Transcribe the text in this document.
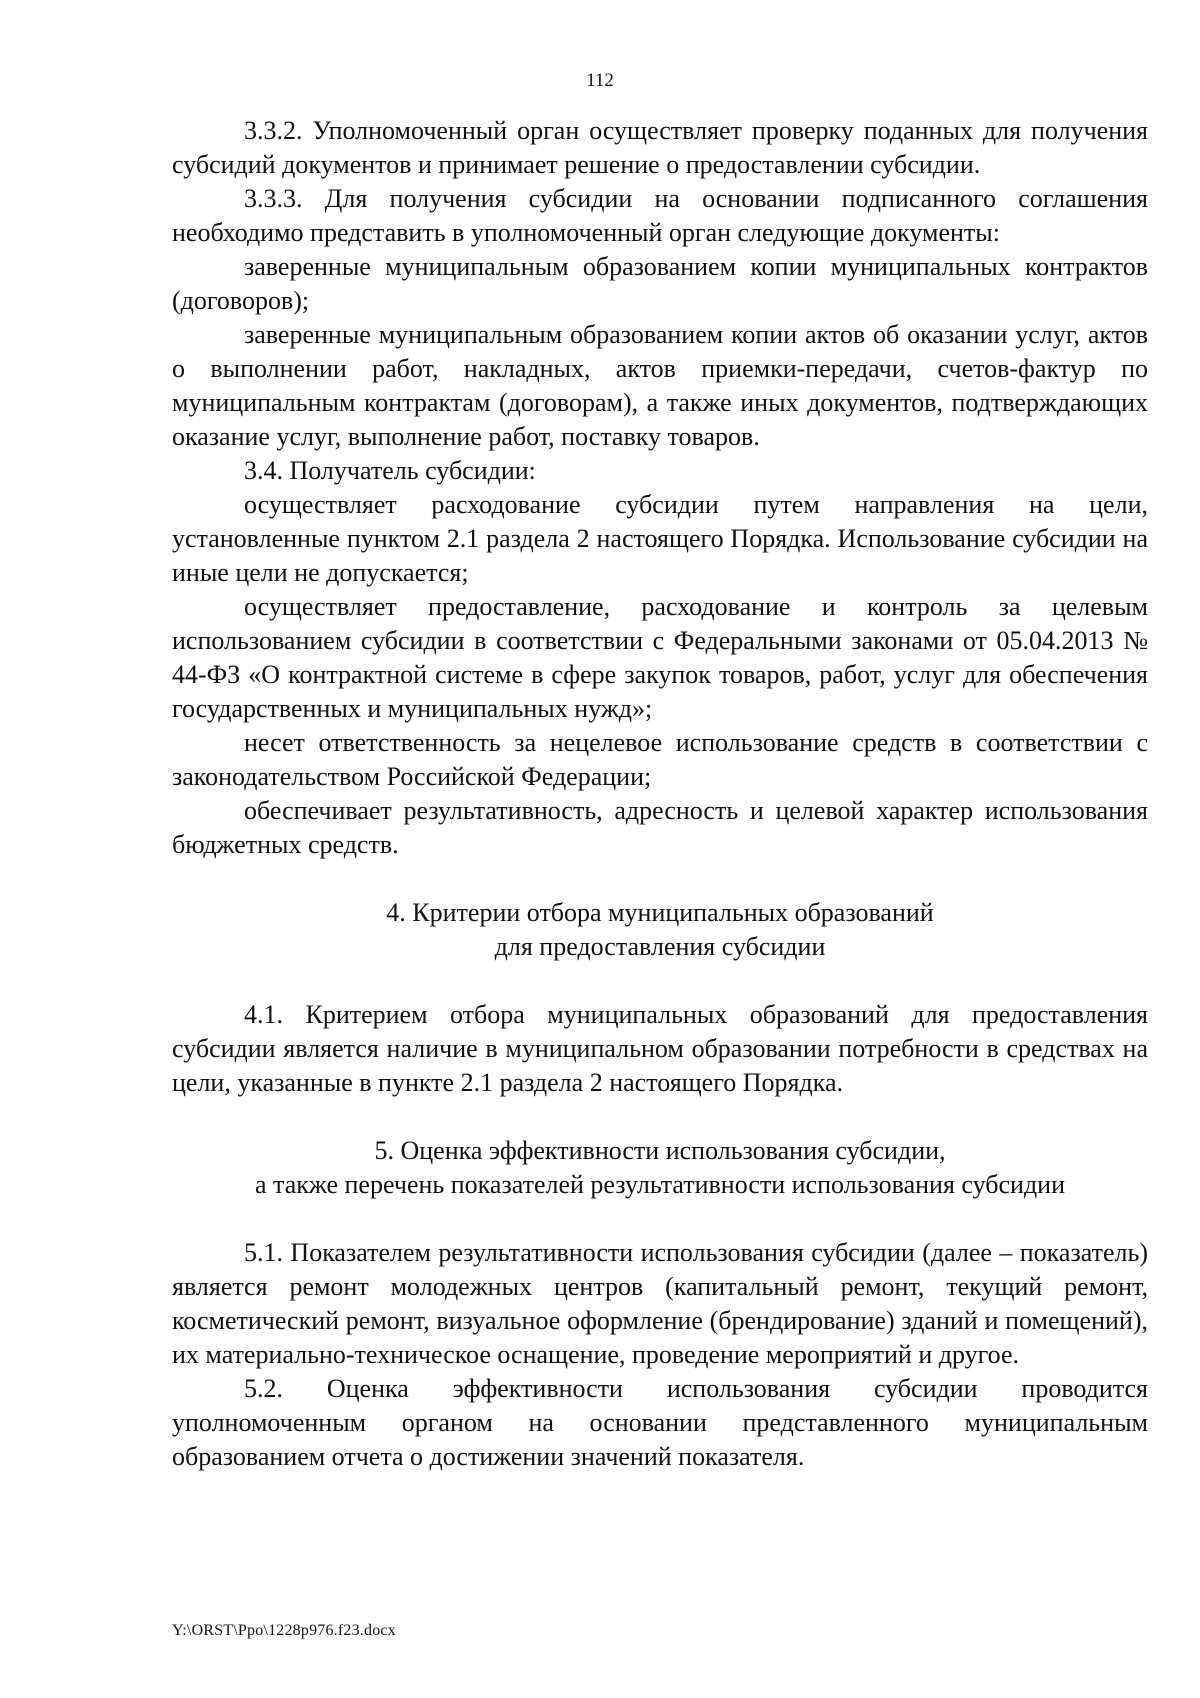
112

3.3.2. Уполномоченный орган осуществляет проверку поданных для получения субсидий документов и принимает решение о предоставлении субсидии.

3.3.3. Для получения субсидии на основании подписанного соглашения необходимо представить в уполномоченный орган следующие документы:

заверенные муниципальным образованием копии муниципальных контрактов (договоров);

заверенные муниципальным образованием копии актов об оказании услуг, актов о выполнении работ, накладных, актов приемки-передачи, счетов-фактур по муниципальным контрактам (договорам), а также иных документов, подтверждающих оказание услуг, выполнение работ, поставку товаров.

3.4. Получатель субсидии:

осуществляет расходование субсидии путем направления на цели, установленные пунктом 2.1 раздела 2 настоящего Порядка. Использование субсидии на иные цели не допускается;

осуществляет предоставление, расходование и контроль за целевым использованием субсидии в соответствии с Федеральными законами от 05.04.2013 № 44-ФЗ «О контрактной системе в сфере закупок товаров, работ, услуг для обеспечения государственных и муниципальных нужд»;

несет ответственность за нецелевое использование средств в соответствии с законодательством Российской Федерации;

обеспечивает результативность, адресность и целевой характер использования бюджетных средств.

4. Критерии отбора муниципальных образований

для предоставления субсидии

4.1. Критерием отбора муниципальных образований для предоставления субсидии является наличие в муниципальном образовании потребности в средствах на цели, указанные в пункте 2.1 раздела 2 настоящего Порядка.

5. Оценка эффективности использования субсидии,

а также перечень показателей результативности использования субсидии

5.1. Показателем результативности использования субсидии (далее – показатель) является ремонт молодежных центров (капитальный ремонт, текущий ремонт, косметический ремонт, визуальное оформление (брендирование) зданий и помещений), их материально-техническое оснащение, проведение мероприятий и другое.

5.2. Оценка эффективности использования субсидии проводится уполномоченным органом на основании представленного муниципальным образованием отчета о достижении значений показателя.

Y:\ORST\Ppo\1228p976.f23.docx
